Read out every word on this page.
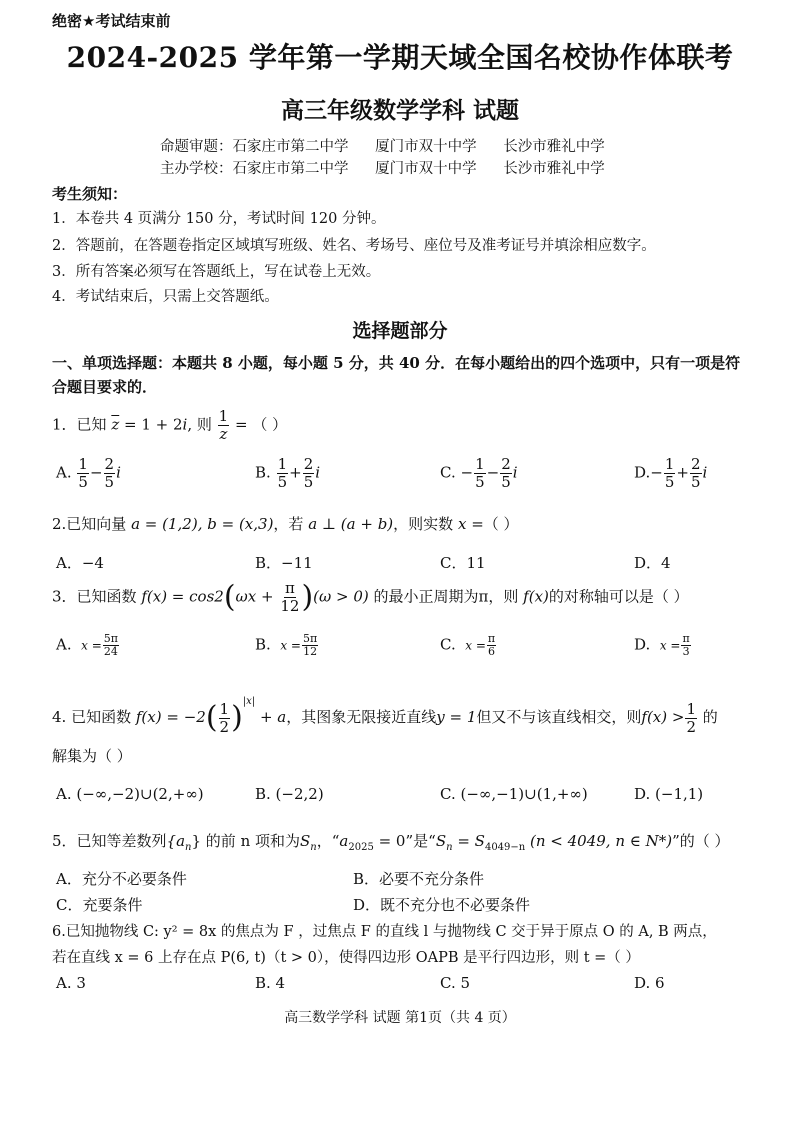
绝密★考试结束前
2024-2025 学年第一学期天域全国名校协作体联考
高三年级数学学科 试题
命题审题：石家庄市第二中学 厦门市双十中学 长沙市雅礼中学
主办学校：石家庄市第二中学 厦门市双十中学 长沙市雅礼中学
考生须知：
1．本卷共 4 页满分 150 分，考试时间 120 分钟。
2．答题前，在答题卷指定区域填写班级、姓名、考场号、座位号及准考证号并填涂相应数字。
3．所有答案必须写在答题纸上，写在试卷上无效。
4．考试结束后，只需上交答题纸。
选择题部分
一、单项选择题：本题共 8 小题，每小题 5 分，共 40 分．在每小题给出的四个选项中，只有一项是符合题目要求的．
1．已知 $\overline{z} = 1 + 2i$, 则 $\frac{1}{z}$ = （ ）
A. $\frac{1}{5} - \frac{2}{5}$ i	B. $\frac{1}{5} + \frac{2}{5}$ i	C. − $\frac{1}{5} - \frac{2}{5}$ i	$D.- \frac{1}{5} + \frac{2}{5}$ i
2.已知向量 a = (1,2), b = (x,3)，若 a ⊥ (a + b)，则实数 x =（ ）
A．−4	B．−11	C．11	D．4
3．已知函数 $f(x) = \cos 2(\omega x + \frac{\pi}{12} )(\omega > 0)$ 的最小正周期为π，则 f(x)的对称轴可以是（ ）
A. $x = \frac{5\pi}{24}$	B. $x = \frac{5\pi}{12}$	C. $x = \frac{\pi}{6}$	D. $x = \frac{\pi}{3}$
4. 已知函数 $f(x) = -2( \frac{1}{2} )^{|x|} + a$，其图象无限接近直线y = 1但又不与该直线相交，则$f(x) > \frac{1}{2}$ 的
解集为（ ）
A. (−∞,−2)∪(2,+∞)	B. (−2,2)	C. (−∞,−1)∪(1,+∞)	D. (−1,1)
5．已知等差数列$\{a_n\}$ 的前 n 项和为$S_n$，“$a_{2025} = 0$”是“$S_n = S_{4049-n}$ (n < 4049, n ∈ N*)”的（ ）
A．充分不必要条件	B．必要不充分条件
C．充要条件	D．既不充分也不必要条件
6.已知抛物线 C: y² = 8x 的焦点为 F ，过焦点 F 的直线 l 与抛物线 C 交于异于原点 O 的 A, B 两点，
若在直线 x = 6 上存在点 P(6, t)（t > 0），使得四边形 OAPB 是平行四边形，则 t =（ ）
A. 3	B. 4	C. 5	D. 6
高三数学学科 试题 第1页（共 4 页）
